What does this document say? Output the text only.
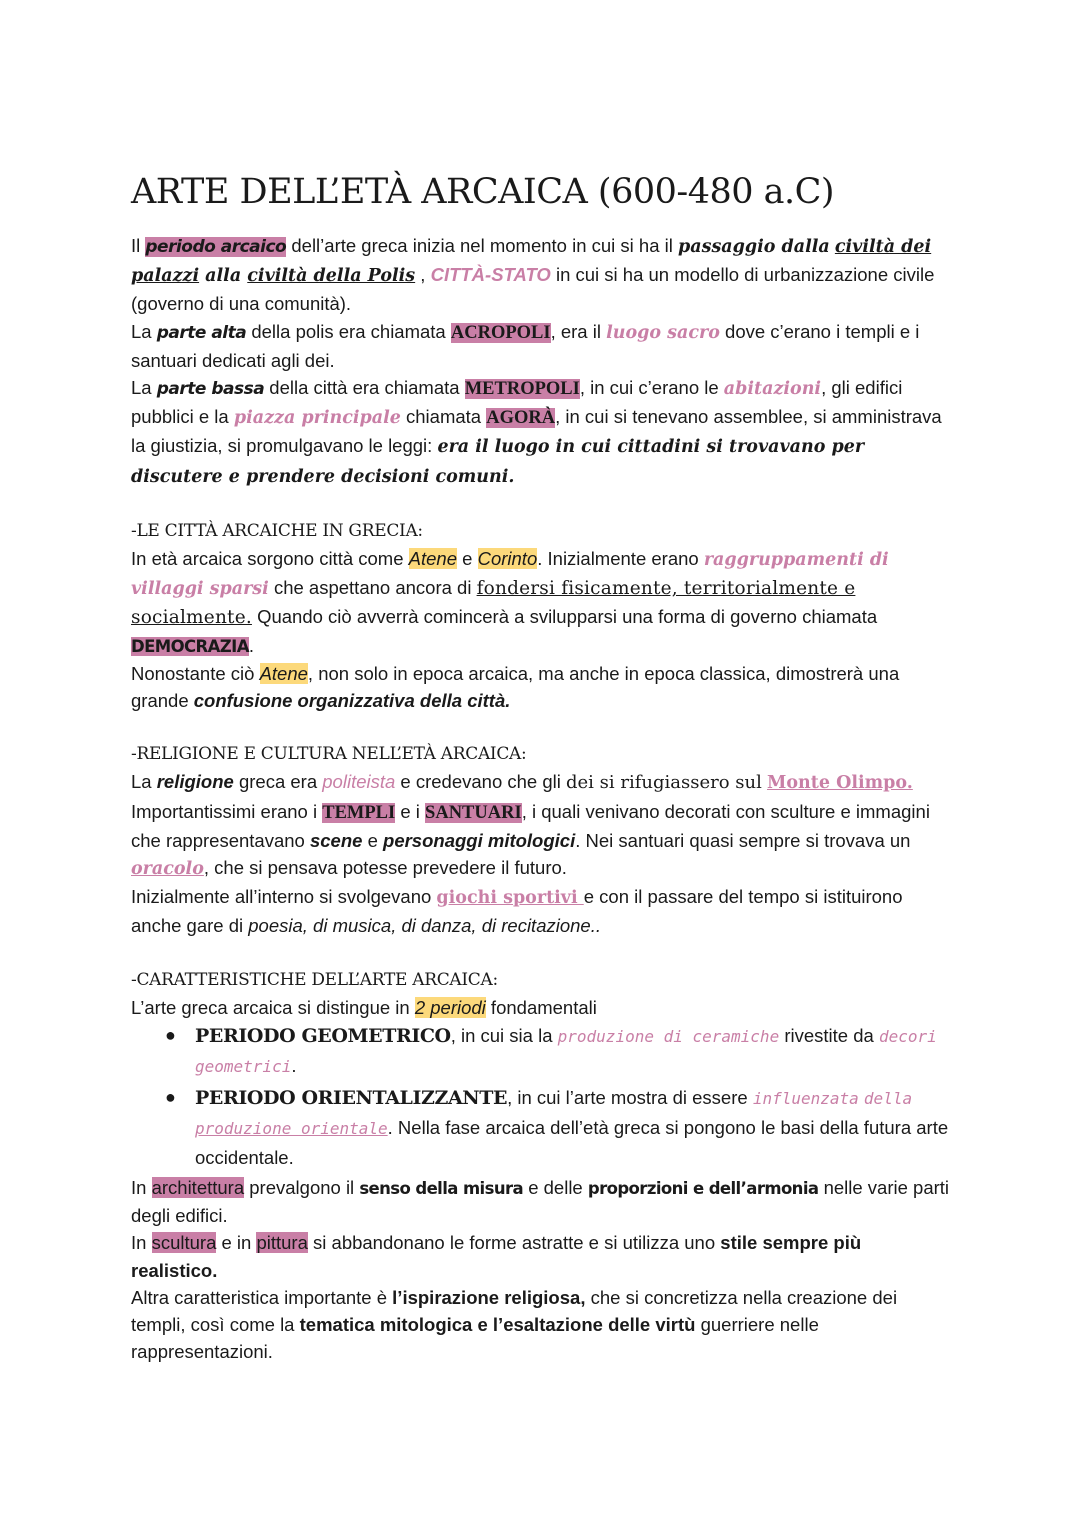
ARTE DELL’ETÀ ARCAICA (600-480 a.C)

Il periodo arcaico dell’arte greca inizia nel momento in cui si ha il passaggio dalla civiltà dei palazzi alla civiltà della Polis , CITTÀ-STATO in cui si ha un modello di urbanizzazione civile (governo di una comunità).

La parte alta della polis era chiamata ACROPOLI, era il luogo sacro dove c’erano i templi e i santuari dedicati agli dei.

La parte bassa della città era chiamata METROPOLI, in cui c’erano le abitazioni, gli edifici pubblici e la piazza principale chiamata AGORÀ, in cui si tenevano assemblee, si amministrava la giustizia, si promulgavano le leggi: era il luogo in cui cittadini si trovavano per discutere e prendere decisioni comuni.

-LE CITTÀ ARCAICHE IN GRECIA:

In età arcaica sorgono città come Atene e Corinto. Inizialmente erano raggruppamenti di villaggi sparsi che aspettano ancora di fondersi fisicamente, territorialmente e socialmente. Quando ciò avverrà comincerà a svilupparsi una forma di governo chiamata DEMOCRAZIA.

Nonostante ciò Atene, non solo in epoca arcaica, ma anche in epoca classica, dimostrerà una grande confusione organizzativa della città.

-RELIGIONE E CULTURA NELL’ETÀ ARCAICA:

La religione greca era politeista e credevano che gli dei si rifugiassero sul Monte Olimpo.

Importantissimi erano i TEMPLI e i SANTUARI, i quali venivano decorati con sculture e immagini che rappresentavano scene e personaggi mitologici. Nei santuari quasi sempre si trovava un oracolo, che si pensava potesse prevedere il futuro.

Inizialmente all’interno si svolgevano giochi sportivi e con il passare del tempo si istituirono anche gare di poesia, di musica, di danza, di recitazione..

-CARATTERISTICHE DELL’ARTE ARCAICA:

L’arte greca arcaica si distingue in 2 periodi fondamentali

● PERIODO GEOMETRICO, in cui sia la produzione di ceramiche rivestite da decori geometrici.
● PERIODO ORIENTALIZZANTE, in cui l’arte mostra di essere influenzata della produzione orientale. Nella fase arcaica dell’età greca si pongono le basi della futura arte occidentale.

In architettura prevalgono il senso della misura e delle proporzioni e dell’armonia nelle varie parti degli edifici.

In scultura e in pittura si abbandonano le forme astratte e si utilizza uno stile sempre più realistico.

Altra caratteristica importante è l’ispirazione religiosa, che si concretizza nella creazione dei templi, così come la tematica mitologica e l’esaltazione delle virtù guerriere nelle rappresentazioni.
